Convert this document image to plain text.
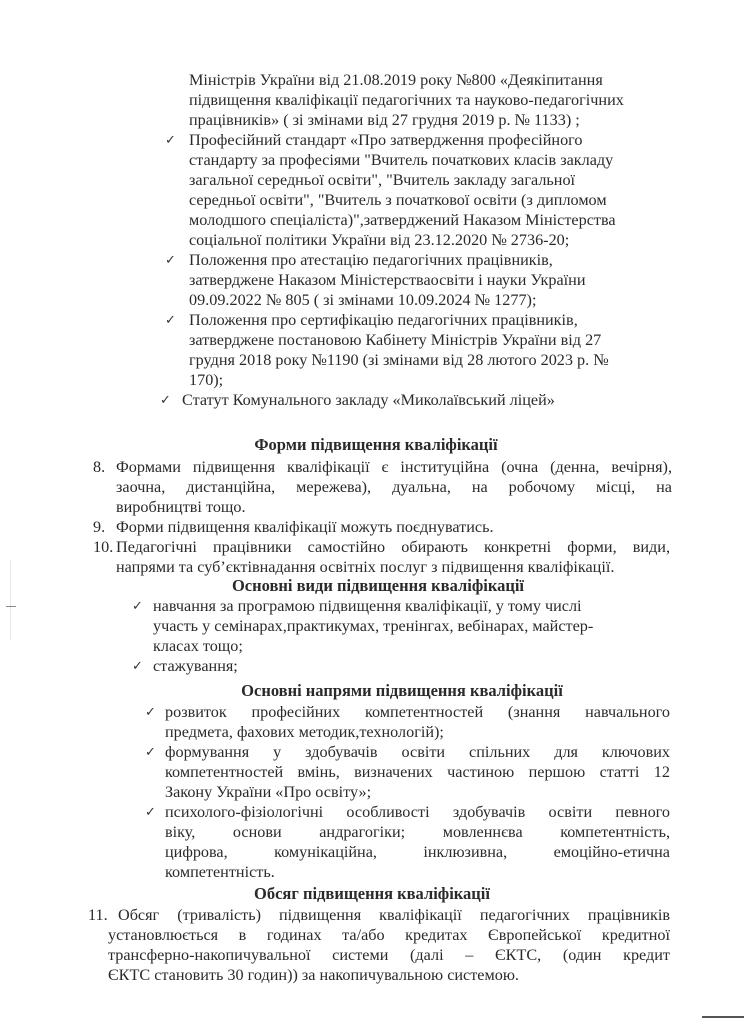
Міністрів України від 21.08.2019 року №800 «Деякіпитання
підвищення кваліфікації педагогічних та науково-педагогічних
працівників» ( зі змінами від 27 грудня 2019 р. № 1133) ;
✓ Професійний стандарт «Про затвердження професійного
стандарту за професіями "Вчитель початкових класів закладу
загальної середньої освіти", "Вчитель закладу загальної
середньої освіти", "Вчитель з початкової освіти (з дипломом
молодшого спеціаліста)",затверджений Наказом Міністерства
соціальної політики України від 23.12.2020 № 2736-20;
✓ Положення про атестацію педагогічних працівників,
затверджене Наказом Міністерстваосвіти і науки України
09.09.2022 № 805 ( зі змінами 10.09.2024 № 1277);
✓ Положення про сертифікацію педагогічних працівників,
затверджене постановою Кабінету Міністрів України від 27
грудня 2018 року №1190 (зі змінами від 28 лютого 2023 р. №
170);
✓ Статут Комунального закладу «Миколаївський ліцей»
Форми підвищення кваліфікації
8. Формами підвищення кваліфікації є інституційна (очна (денна, вечірня),
заочна, дистанційна, мережева), дуальна, на робочому місці, на
виробництві тощо.
9. Форми підвищення кваліфікації можуть поєднуватись.
10. Педагогічні працівники самостійно обирають конкретні форми, види,
напрями та суб’єктівнадання освітніх послуг з підвищення кваліфікації.
Основні види підвищення кваліфікації
✓ навчання за програмою підвищення кваліфікації, у тому числі
участь у семінарах,практикумах, тренінгах, вебінарах, майстер-
класах тощо;
✓ стажування;
Основні напрями підвищення кваліфікації
✓ розвиток професійних компетентностей (знання навчального
предмета, фахових методик,технологій);
✓ формування у здобувачів освіти спільних для ключових
компетентностей вмінь, визначених частиною першою статті 12
Закону України «Про освіту»;
✓ психолого-фізіологічні особливості здобувачів освіти певного
віку, основи андрагогіки; мовленнєва компетентність,
цифрова, комунікаційна, інклюзивна, емоційно-етична
компетентність.
Обсяг підвищення кваліфікації
11. Обсяг (тривалість) підвищення кваліфікації педагогічних працівників
установлюється в годинах та/або кредитах Європейської кредитної
трансферно-накопичувальної системи (далі – ЄКТС, (один кредит
ЄКТС становить 30 годин)) за накопичувальною системою.
